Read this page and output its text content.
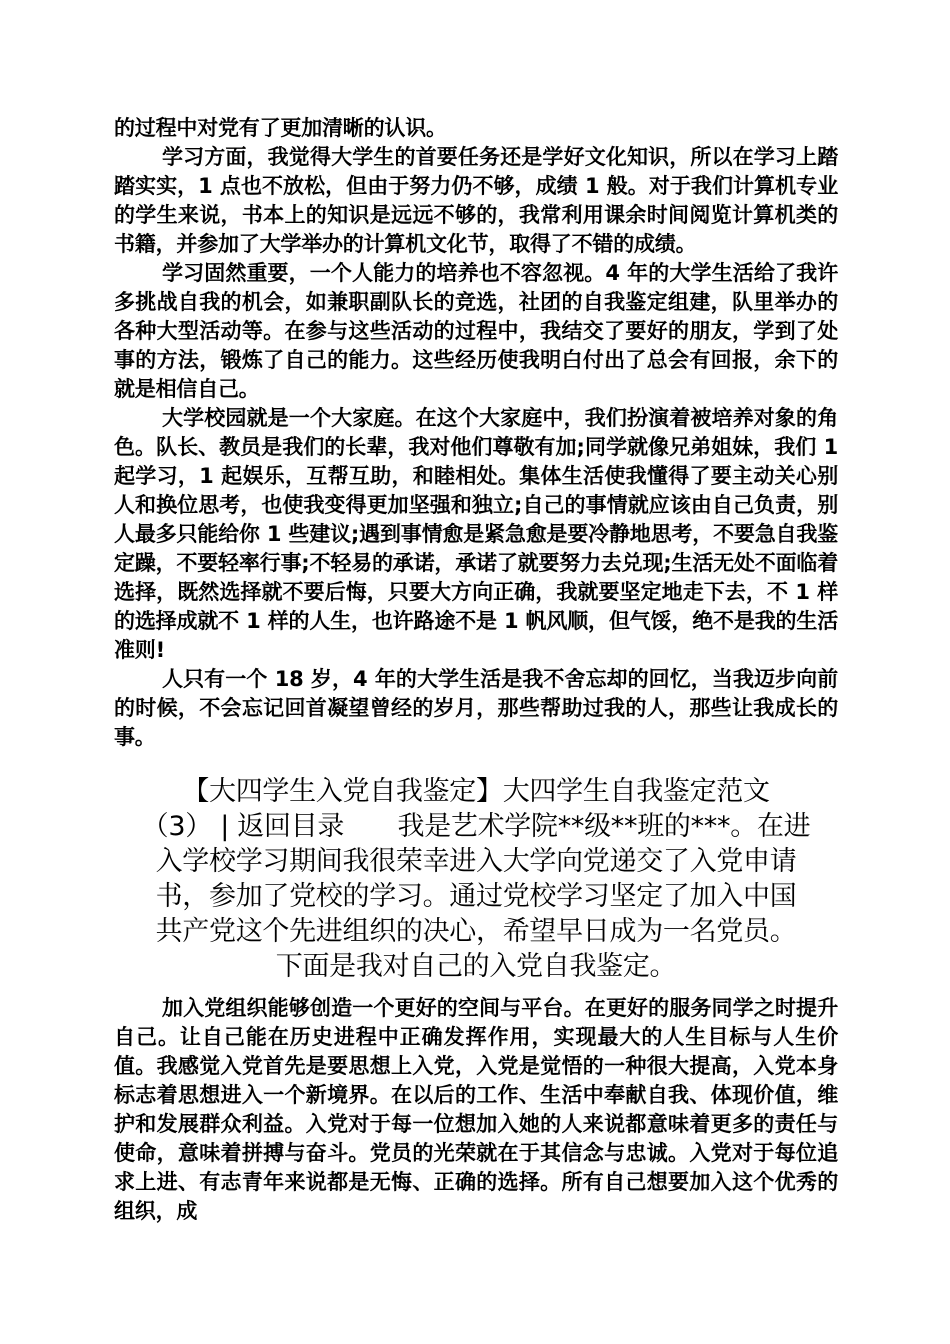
的过程中对党有了更加清晰的认识。

学习方面，我觉得大学生的首要任务还是学好文化知识，所以在学习上踏踏实实，1 点也不放松，但由于努力仍不够，成绩 1 般。对于我们计算机专业的学生来说，书本上的知识是远远不够的，我常利用课余时间阅览计算机类的书籍，并参加了大学举办的计算机文化节，取得了不错的成绩。

学习固然重要，一个人能力的培养也不容忽视。4 年的大学生活给了我许多挑战自我的机会，如兼职副队长的竞选，社团的自我鉴定组建，队里举办的各种大型活动等。在参与这些活动的过程中，我结交了要好的朋友，学到了处事的方法，锻炼了自己的能力。这些经历使我明白付出了总会有回报，余下的就是相信自己。

大学校园就是一个大家庭。在这个大家庭中，我们扮演着被培养对象的角色。队长、教员是我们的长辈，我对他们尊敬有加;同学就像兄弟姐妹，我们 1 起学习，1 起娱乐，互帮互助，和睦相处。集体生活使我懂得了要主动关心别人和换位思考，也使我变得更加坚强和独立;自己的事情就应该由自己负责，别人最多只能给你 1 些建议;遇到事情愈是紧急愈是要冷静地思考，不要急自我鉴定躁，不要轻率行事;不轻易的承诺，承诺了就要努力去兑现;生活无处不面临着选择，既然选择就不要后悔，只要大方向正确，我就要坚定地走下去，不 1 样的选择成就不 1 样的人生，也许路途不是 1 帆风顺，但气馁，绝不是我的生活准则!

人只有一个 18 岁，4 年的大学生活是我不舍忘却的回忆，当我迈步向前的时候，不会忘记回首凝望曾经的岁月，那些帮助过我的人，那些让我成长的事。

【大四学生入党自我鉴定】大四学生自我鉴定范文

（3） | 返回目录　　我是艺术学院**级**班的***。在进

入学校学习期间我很荣幸进入大学向党递交了入党申请

书，参加了党校的学习。通过党校学习坚定了加入中国

共产党这个先进组织的决心，希望早日成为一名党员。

下面是我对自己的入党自我鉴定。

加入党组织能够创造一个更好的空间与平台。在更好的服务同学之时提升自己。让自己能在历史进程中正确发挥作用，实现最大的人生目标与人生价值。我感觉入党首先是要思想上入党，入党是觉悟的一种很大提高，入党本身标志着思想进入一个新境界。在以后的工作、生活中奉献自我、体现价值，维护和发展群众利益。入党对于每一位想加入她的人来说都意味着更多的责任与使命，意味着拼搏与奋斗。党员的光荣就在于其信念与忠诚。入党对于每位追求上进、有志青年来说都是无悔、正确的选择。所有自己想要加入这个优秀的组织，成
